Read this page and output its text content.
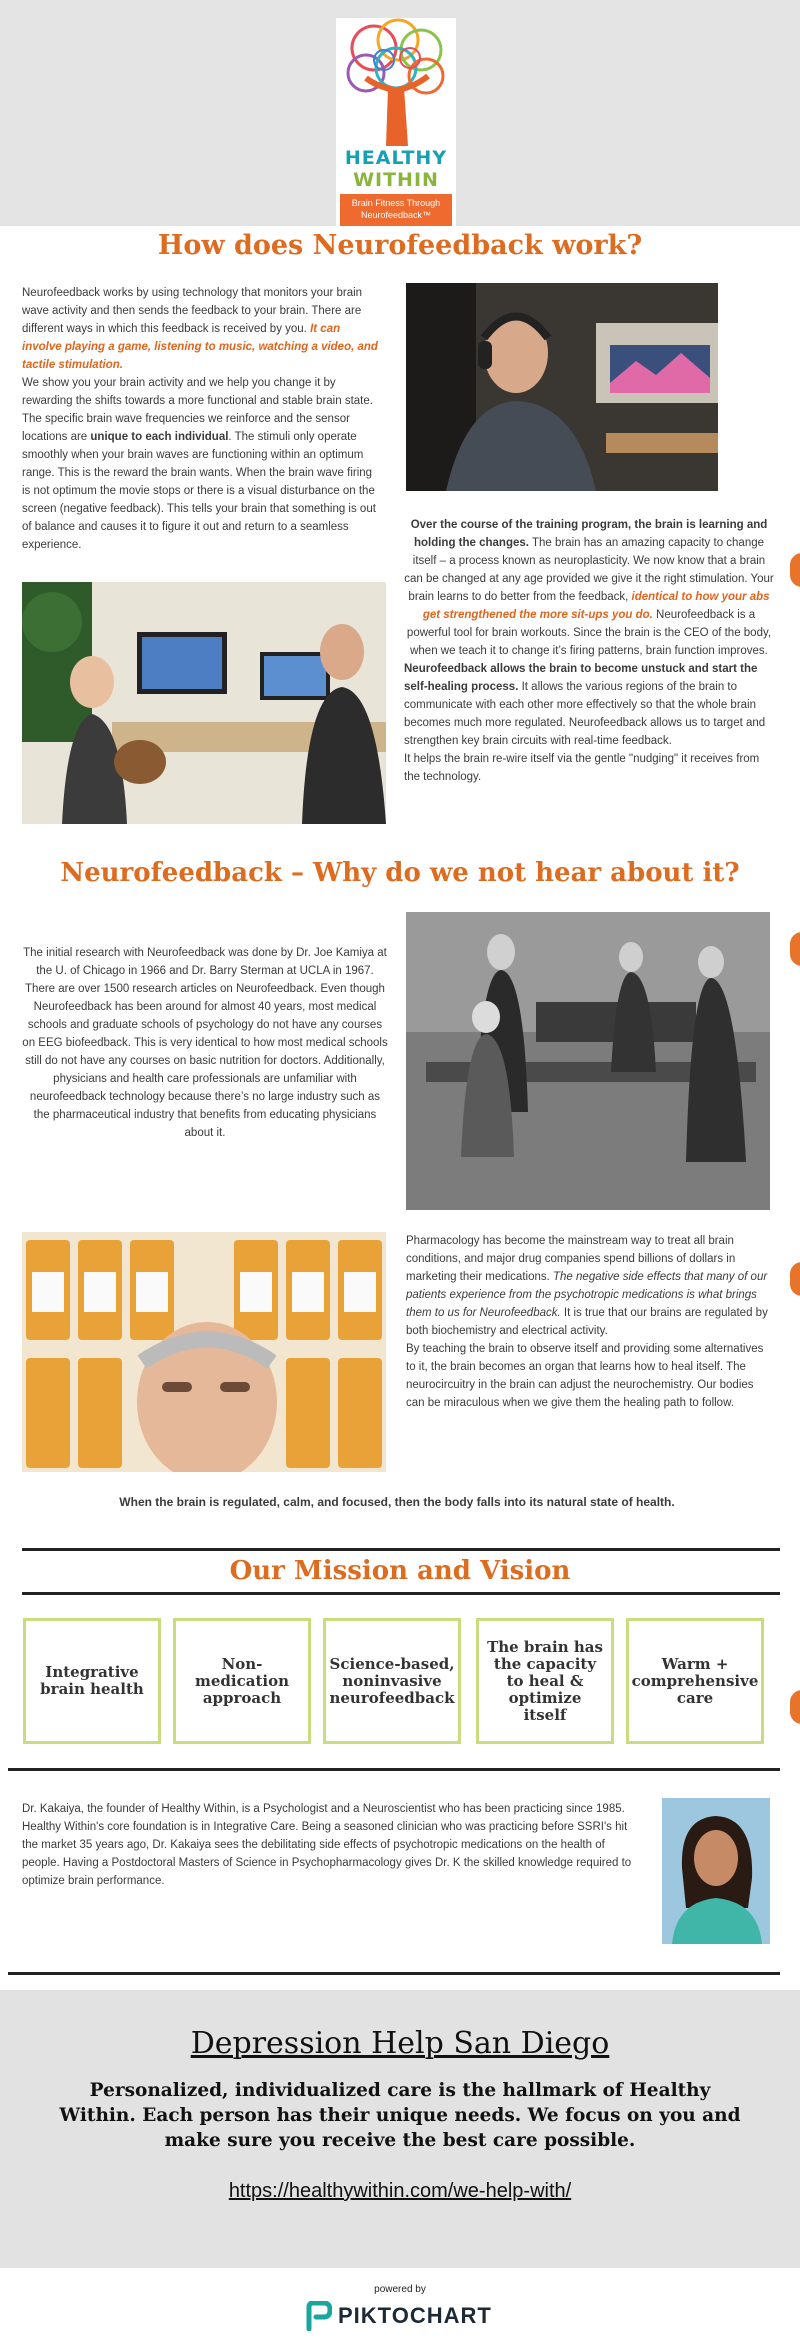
HEALTHY
WITHIN
Brain Fitness Through Neurofeedback™
How does Neurofeedback work?
Neurofeedback works by using technology that monitors your brain wave activity and then sends the feedback to your brain. There are different ways in which this feedback is received by you. It can involve playing a game, listening to music, watching a video, and tactile stimulation.
We show you your brain activity and we help you change it by rewarding the shifts towards a more functional and stable brain state. The specific brain wave frequencies we reinforce and the sensor locations are unique to each individual. The stimuli only operate smoothly when your brain waves are functioning within an optimum range. This is the reward the brain wants. When the brain wave firing is not optimum the movie stops or there is a visual disturbance on the screen (negative feedback). This tells your brain that something is out of balance and causes it to figure it out and return to a seamless experience.
Over the course of the training program, the brain is learning and holding the changes. The brain has an amazing capacity to change itself – a process known as neuroplasticity. We now know that a brain can be changed at any age provided we give it the right stimulation. Your brain learns to do better from the feedback, identical to how your abs get strengthened the more sit-ups you do. Neurofeedback is a powerful tool for brain workouts. Since the brain is the CEO of the body, when we teach it to change it’s firing patterns, brain function improves.
Neurofeedback allows the brain to become unstuck and start the self-healing process. It allows the various regions of the brain to communicate with each other more effectively so that the whole brain becomes much more regulated. Neurofeedback allows us to target and strengthen key brain circuits with real-time feedback.
It helps the brain re-wire itself via the gentle "nudging" it receives from the technology.
Neurofeedback – Why do we not hear about it?
The initial research with Neurofeedback was done by Dr. Joe Kamiya at the U. of Chicago in 1966 and Dr. Barry Sterman at UCLA in 1967. There are over 1500 research articles on Neurofeedback. Even though Neurofeedback has been around for almost 40 years, most medical schools and graduate schools of psychology do not have any courses on EEG biofeedback. This is very identical to how most medical schools still do not have any courses on basic nutrition for doctors. Additionally, physicians and health care professionals are unfamiliar with neurofeedback technology because there’s no large industry such as the pharmaceutical industry that benefits from educating physicians about it.
Pharmacology has become the mainstream way to treat all brain conditions, and major drug companies spend billions of dollars in marketing their medications. The negative side effects that many of our patients experience from the psychotropic medications is what brings them to us for Neurofeedback. It is true that our brains are regulated by both biochemistry and electrical activity.
By teaching the brain to observe itself and providing some alternatives to it, the brain becomes an organ that learns how to heal itself. The neurocircuitry in the brain can adjust the neurochemistry. Our bodies can be miraculous when we give them the healing path to follow.
When the brain is regulated, calm, and focused, then the body falls into its natural state of health.
Our Mission and Vision
Integrative brain health
Non-medication approach
Science-based, noninvasive neurofeedback
The brain has the capacity to heal & optimize itself
Warm + comprehensive care
Dr. Kakaiya, the founder of Healthy Within, is a Psychologist and a Neuroscientist who has been practicing since 1985. Healthy Within's core foundation is in Integrative Care. Being a seasoned clinician who was practicing before SSRI's hit the market 35 years ago, Dr. Kakaiya sees the debilitating side effects of psychotropic medications on the health of people. Having a Postdoctoral Masters of Science in Psychopharmacology gives Dr. K the skilled knowledge required to optimize brain performance.
Depression Help San Diego
Personalized, individualized care is the hallmark of Healthy Within. Each person has their unique needs. We focus on you and make sure you receive the best care possible.
https://healthywithin.com/we-help-with/
powered by
PIKTOCHART
